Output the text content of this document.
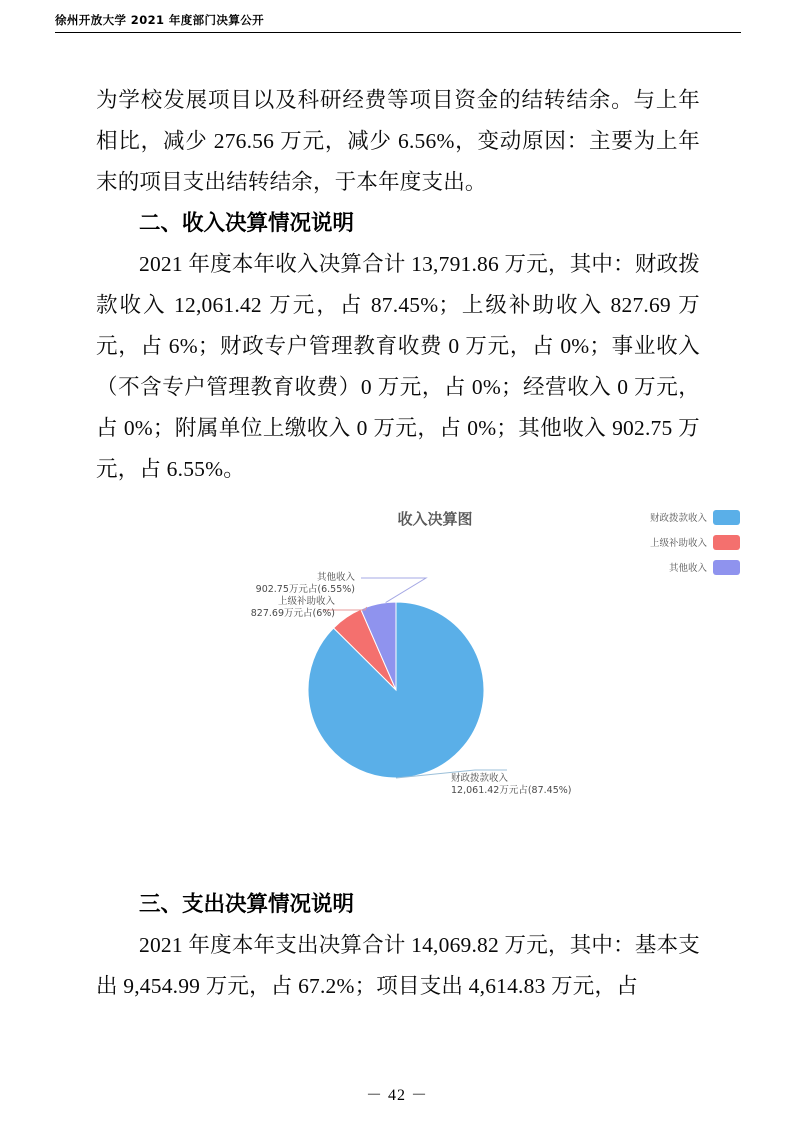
徐州开放大学 2021 年度部门决算公开

为学校发展项目以及科研经费等项目资金的结转结余。与上年相比，减少 276.56 万元，减少 6.56%，变动原因：主要为上年末的项目支出结转结余，于本年度支出。

二、收入决算情况说明

2021 年度本年收入决算合计 13,791.86 万元，其中：财政拨款收入 12,061.42 万元，占 87.45%；上级补助收入 827.69 万元，占 6%；财政专户管理教育收费 0 万元，占 0%；事业收入（不含专户管理教育收费）0 万元，占 0%；经营收入 0 万元，占 0%；附属单位上缴收入 0 万元，占 0%；其他收入 902.75 万元，占 6.55%。

收入决算图	财政拨款收入
上级补助收入
其他收入
其他收入
902.75万元占(6.55%)
上级补助收入
827.69万元占(6%)
财政拨款收入
12,061.42万元占(87.45%)
三、支出决算情况说明

2021 年度本年支出决算合计 14,069.82 万元，其中：基本支出 9,454.99 万元，占 67.2%；项目支出 4,614.83 万元，占

－ 42 －
